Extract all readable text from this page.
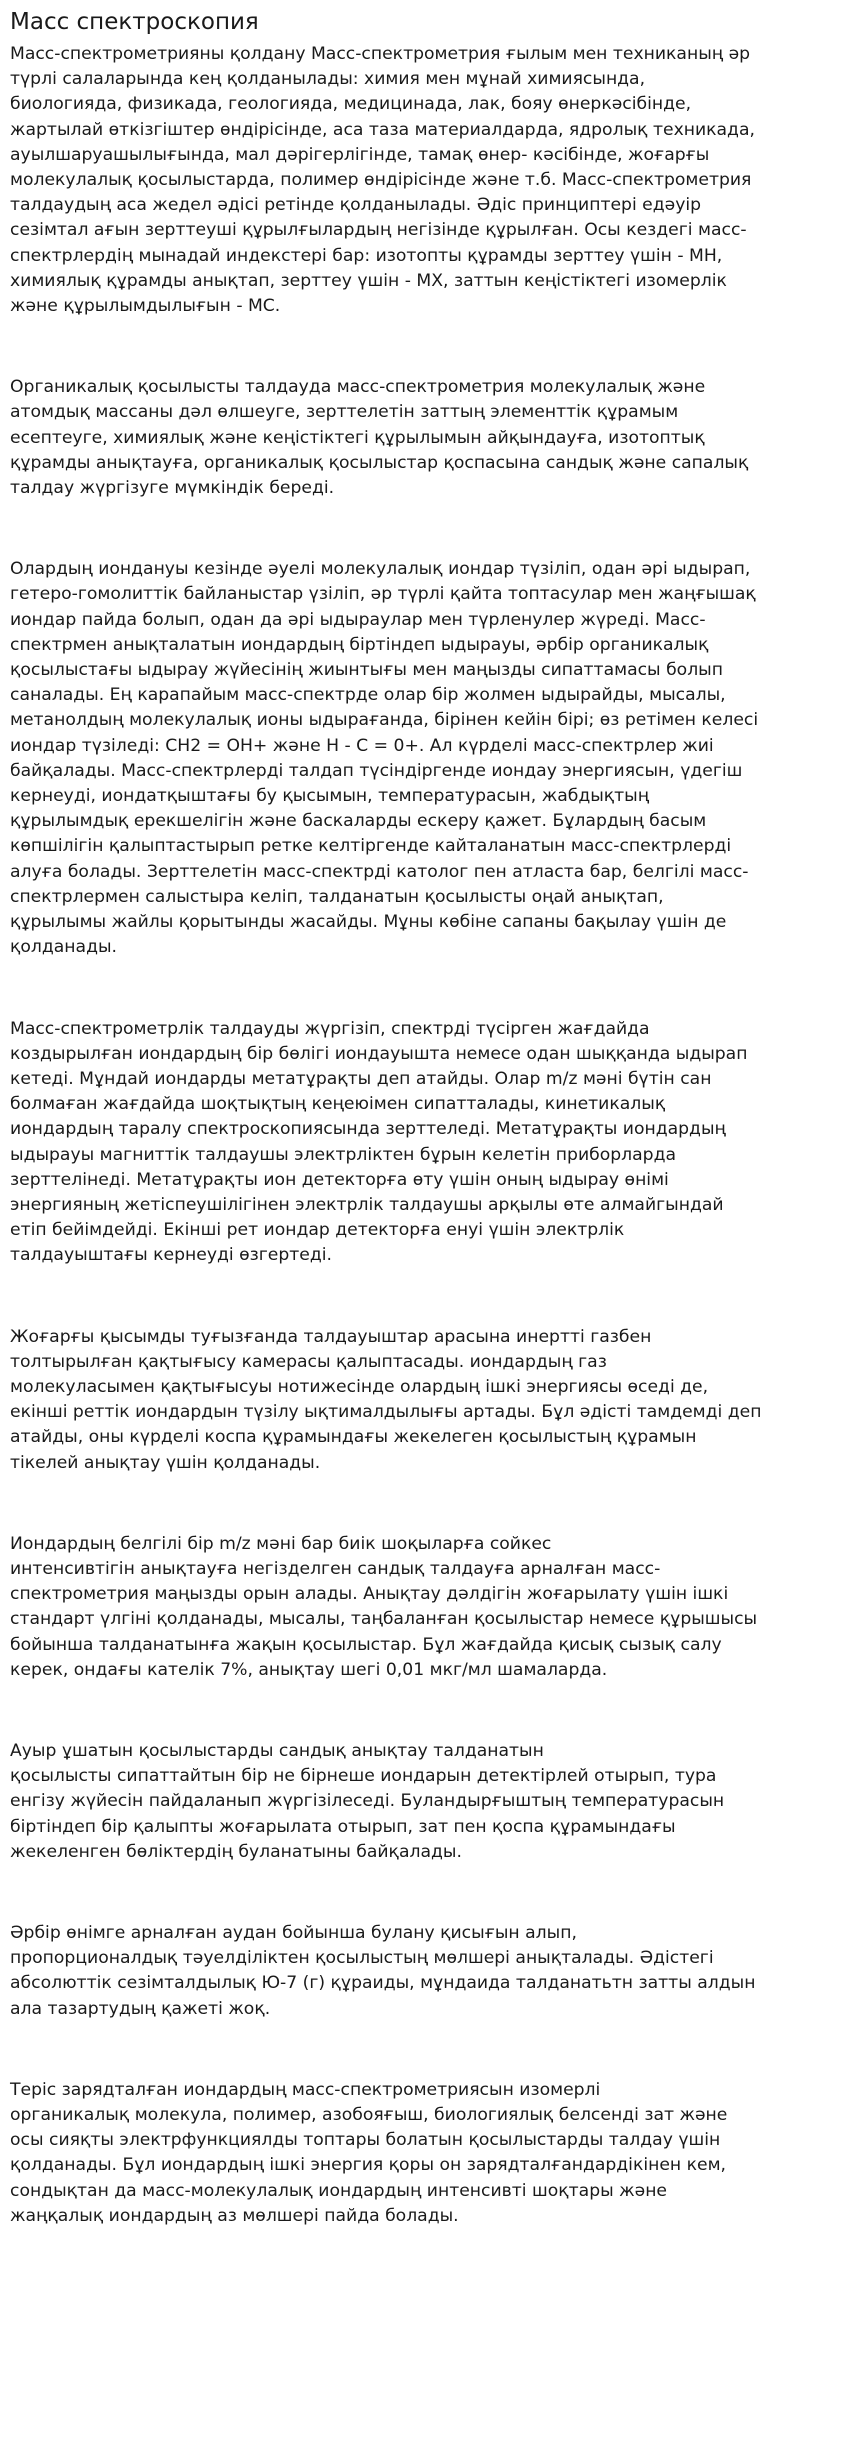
Масс спектроскопия

Масс-спектрометрияны қолдану Масс-спектрометрия ғылым мен техниканың әр
түрлі салаларында кең қолданылады: химия мен мұнай химиясында,
биологияда, физикада, геологияда, медицинада, лак, бояу өнеркәсібінде,
жартылай өткізгіштер өндірісінде, аса таза материалдарда, ядролық техникада,
ауылшаруашылығында, мал дәрігерлігінде, тамақ өнер- кәсібінде, жоғарғы
молекулалық қосылыстарда, полимер өндірісінде және т.б. Масс-спектрометрия
талдаудың аса жедел әдісі ретінде қолданылады. Әдіс принциптері едәуір
сезімтал ағын зерттеуші құрылғылардың негізінде құрылған. Осы кездегі масс-
спектрлердің мынадай индекстері бар: изотопты құрамды зерттеу үшін - МН,
химиялық құрамды анықтап, зерттеу үшін - МХ, заттын кеңістіктегі изомерлік
және құрылымдылығын - МС.

Органикалық қосылысты талдауда масс-спектрометрия молекулалық және
атомдық массаны дәл өлшеуге, зерттелетін заттың элементтік құрамым
есептеуге, химиялық және кеңістіктегі құрылымын айқындауға, изотоптық
құрамды анықтауға, органикалық қосылыстар қоспасына сандық және сапалық
талдау жүргізуге мүмкіндік береді.

Олардың иондануы кезінде әуелі молекулалық иондар түзіліп, одан әрі ыдырап,
гетеро-гомолиттік байланыстар үзіліп, әр түрлі қайта топтасулар мен жаңғышақ
иондар пайда болып, одан да әрі ыдыраулар мен түрленулер жүреді. Масс-
спектрмен анықталатын иондардың біртіндеп ыдырауы, әрбір органикалық
қосылыстағы ыдырау жүйесінің жиынтығы мен маңызды сипаттамасы болып
саналады. Ең карапайым масс-спектрде олар бір жолмен ыдырайды, мысалы,
метанолдың молекулалық ионы ыдырағанда, бірінен кейін бірі; өз ретімен келесі
иондар түзіледі: СН2 = ОН+ және Н - С = 0+. Ал күрделі масс-спектрлер жиі
байқалады. Масс-спектрлерді талдап түсіндіргенде иондау энергиясын, үдегіш
кернеуді, иондатқыштағы бу қысымын, температурасын, жабдықтың
құрылымдық ерекшелігін және баскаларды ескеру қажет. Бұлардың басым
көпшілігін қалыптастырып ретке келтіргенде кайталанатын масс-спектрлерді
алуға болады. Зерттелетін масс-спектрді католог пен атласта бар, белгілі масс-
спектрлермен салыстыра келіп, талданатын қосылысты оңай анықтап,
құрылымы жайлы қорытынды жасайды. Мұны көбіне сапаны бақылау үшін де
қолданады.

Масс-спектрометрлік талдауды жүргізіп, спектрді түсірген жағдайда
коздырылған иондардың бір бөлігі иондауыштa немесе одан шыққанда ыдырап
кетеді. Мұндай иондарды метатұрақты деп атайды. Олар m/z мәні бүтін сан
болмаған жағдайда шоқтықтың кеңеюімен сипатталады, кинетикалық
иондардың таралу спектроскопиясында зерттеледі. Метатұрақты иондардың
ыдырауы магниттік талдаушы электрліктен бұрын келетін приборларда
зерттелінеді. Метатұрақты ион детекторға өту үшін оның ыдырау өнімі
энергияның жетіспеушілігінен электрлік талдаушы арқылы өте алмайгындай
етіп бейімдейді. Екінші рет иондар детекторға енуі үшін электрлік
талдауыштағы кернеуді өзгертеді.

Жоғарғы қысымды туғызғанда талдауыштар арасына инертті газбен
толтырылған қақтығысу камерасы қалыптасады. иондардың газ
молекуласымен қақтығысуы нотижесінде олардың ішкі энергиясы өседі де,
екінші реттік иондардын түзілу ықтималдылығы артады. Бұл әдісті тамдемді деп
атайды, оны күрделі коспа құрамындағы жекелеген қосылыстың құрамын
тікелей анықтау үшін қолданады.

Иондардың белгілі бір m/z мәні бар биік шоқыларға сойкес
интенсивтігін анықтауға негізделген сандық талдауға арналған масс-
спектрометрия маңызды орын алады. Анықтау дәлдігін жоғарылату үшін ішкі
стандарт үлгіні қолданады, мысалы, таңбаланған қосылыстар немесе құрышысы
бойынша талданатынға жақын қосылыстар. Бұл жағдайда қисық сызық салу
керек, ондағы кателік 7%, анықтау шегі 0,01 мкг/мл шамаларда.

Ауыр ұшатын қосылыстарды сандық анықтау талданатын
қосылысты сипаттайтын бір не бірнеше иондарын детектірлей отырып, тура
енгізу жүйесін пайдаланып жүргізілеседі. Буландырғыштың температурасын
біртіндеп бір қалыпты жоғарылата отырып, зат пен қоспа құрамындағы
жекеленген бөліктердің буланатыны байқалады.

Әрбір өнімге арналған аудан бойынша булану қисығын алып,
пропорционалдық тәуелділіктен қосылыстың мөлшері анықталады. Әдістегі
абсолюттік сезімталдылық Ю-7 (г) құраиды, мұндаида талданатьтн затты алдын
ала тазартудың қажеті жоқ.

Теріс зарядталған иондардың масс-спектрометриясын изомерлі
органикалық молекула, полимер, азобояғыш, биологиялық белсенді зат және
осы сияқты электрфункциялды топтары болатын қосылыстарды талдау үшін
қолданады. Бұл иондардың ішкі энергия қоры он зарядталғандардікінен кем,
сондықтан да масс-молекулалық иондардың интенсивті шоқтары және
жаңқалық иондардың аз мөлшері пайда болады.
